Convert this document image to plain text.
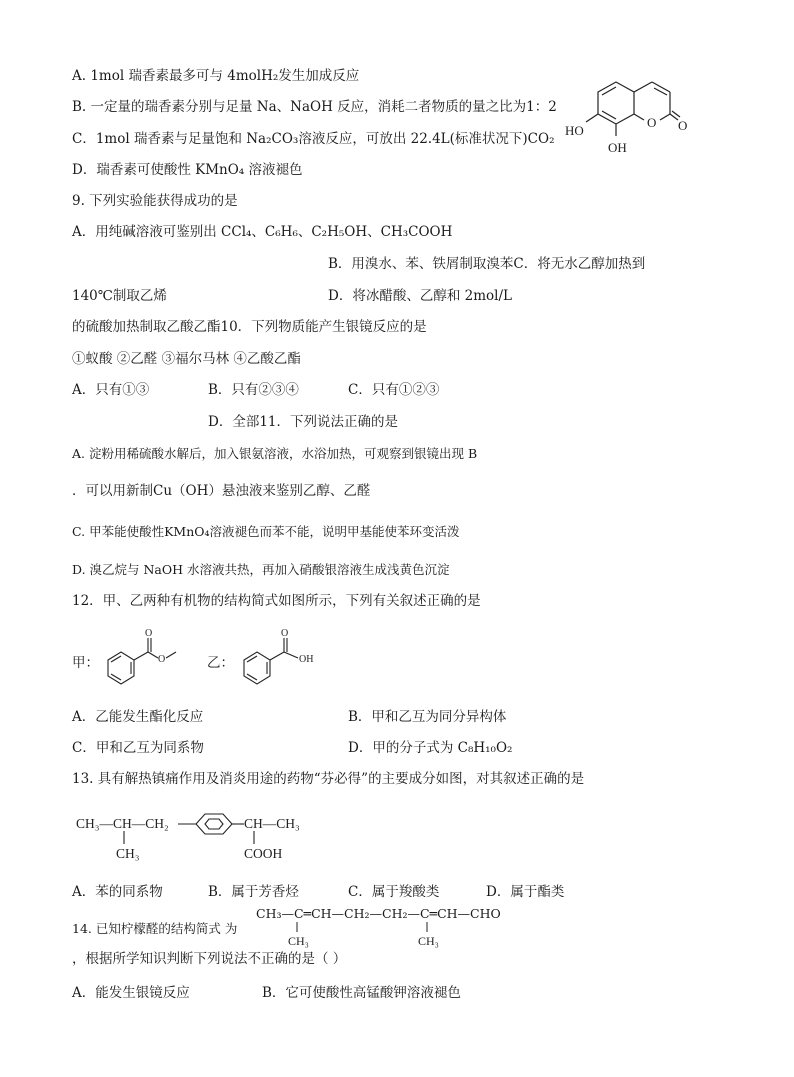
A. 1mol 瑞香素最多可与 4molH₂发生加成反应
B. 一定量的瑞香素分别与足量 Na、NaOH 反应，消耗二者物质的量之比为1：2
C．1mol 瑞香素与足量饱和 Na₂CO₃溶液反应，可放出 22.4L(标准状况下)CO₂
D．瑞香素可使酸性 KMnO₄ 溶液褪色
HO
OH
O O
9. 下列实验能获得成功的是
A．用纯碱溶液可鉴别出 CCl₄、C₆H₆、C₂H₅OH、CH₃COOH
B．用溴水、苯、铁屑制取溴苯C．将无水乙醇加热到
140℃制取乙烯	D．将冰醋酸、乙醇和 2mol/L
的硫酸加热制取乙酸乙酯10．下列物质能产生银镜反应的是
①蚁酸 ②乙醛 ③福尔马林 ④乙酸乙酯
A．只有①③	B．只有②③④	C．只有①②③
D．全部11．下列说法正确的是
A. 淀粉用稀硫酸水解后，加入银氨溶液，水浴加热，可观察到银镜出现 B
．可以用新制Cu（OH）悬浊液来鉴别乙醇、乙醛
C. 甲苯能使酸性KMnO₄溶液褪色而苯不能，说明甲基能使苯环变活泼
D. 溴乙烷与 NaOH 水溶液共热，再加入硝酸银溶液生成浅黄色沉淀
12．甲、乙两种有机物的结构简式如图所示，下列有关叙述正确的是
甲：
O
O	乙：
O
OH
A．乙能发生酯化反应	B．甲和乙互为同分异构体
C．甲和乙互为同系物	D．甲的分子式为 C₈H₁₀O₂
13. 具有解热镇痛作用及消炎用途的药物“芬必得”的主要成分如图，对其叙述正确的是
CH₃—CH—CH₂
CH₃
CH—CH₃
COOH
A．苯的同系物	B．属于芳香烃	C．属于羧酸类	D．属于酯类
14. 已知柠檬醛的结构简式 为
CH₃—C═CH—CH₂—CH₂—C═CH—CHO
CH₃	CH₃
，根据所学知识判断下列说法不正确的是（ ）
A．能发生银镜反应	B．它可使酸性高锰酸钾溶液褪色
